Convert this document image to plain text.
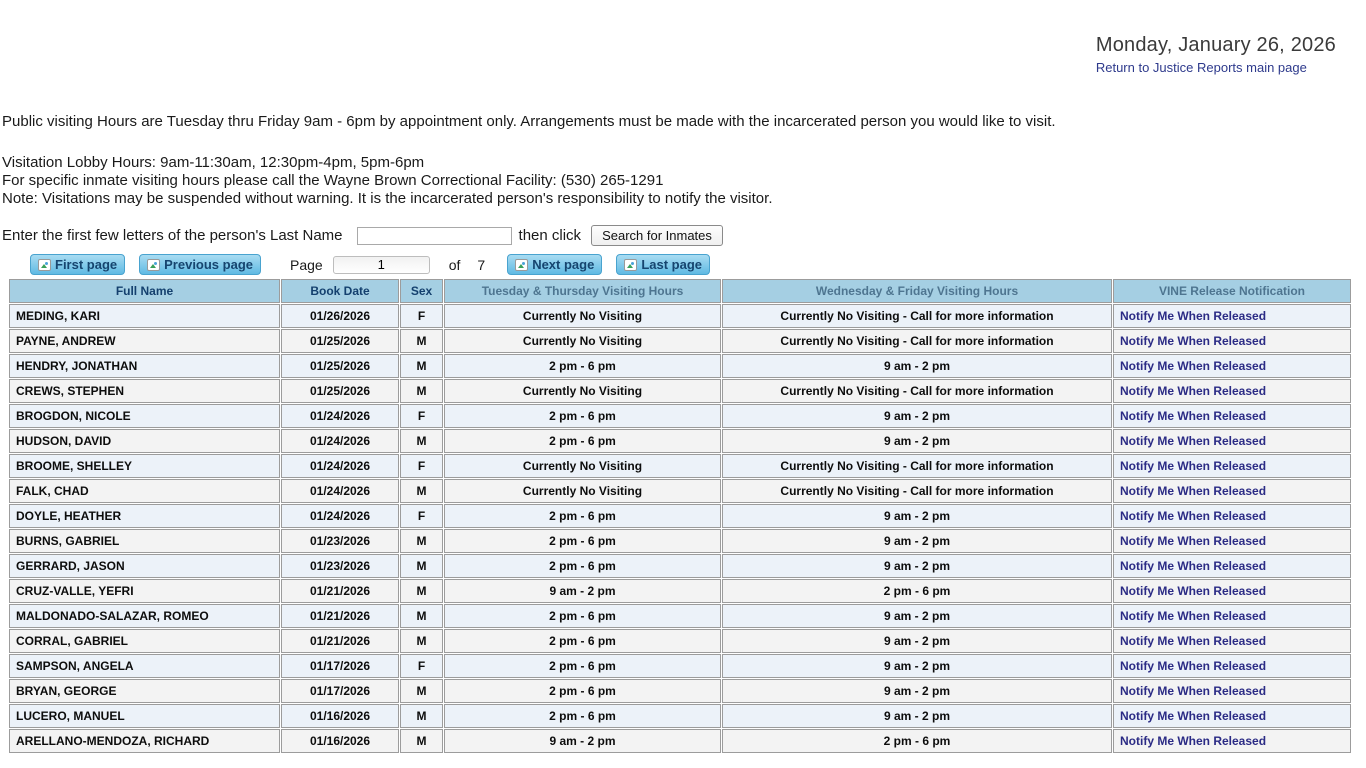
Monday, January 26, 2026
Return to Justice Reports main page
Public visiting Hours are Tuesday thru Friday 9am - 6pm by appointment only. Arrangements must be made with the incarcerated person you would like to visit.
Visitation Lobby Hours: 9am-11:30am, 12:30pm-4pm, 5pm-6pm
For specific inmate visiting hours please call the Wayne Brown Correctional Facility: (530) 265-1291
Note: Visitations may be suspended without warning. It is the incarcerated person's responsibility to notify the visitor.
Enter the first few letters of the person's Last Name	then click	Search for Inmates
First page	Previous page	Page
1	of 7	Next page	Last page
Full Name	Book Date	Sex	Tuesday & Thursday Visiting Hours	Wednesday & Friday Visiting Hours	VINE Release Notification
MEDING, KARI	01/26/2026	F	Currently No Visiting	Currently No Visiting - Call for more information	Notify Me When Released
PAYNE, ANDREW	01/25/2026	M	Currently No Visiting	Currently No Visiting - Call for more information	Notify Me When Released
HENDRY, JONATHAN	01/25/2026	M	2 pm - 6 pm	9 am - 2 pm	Notify Me When Released
CREWS, STEPHEN	01/25/2026	M	Currently No Visiting	Currently No Visiting - Call for more information	Notify Me When Released
BROGDON, NICOLE	01/24/2026	F	2 pm - 6 pm	9 am - 2 pm	Notify Me When Released
HUDSON, DAVID	01/24/2026	M	2 pm - 6 pm	9 am - 2 pm	Notify Me When Released
BROOME, SHELLEY	01/24/2026	F	Currently No Visiting	Currently No Visiting - Call for more information	Notify Me When Released
FALK, CHAD	01/24/2026	M	Currently No Visiting	Currently No Visiting - Call for more information	Notify Me When Released
DOYLE, HEATHER	01/24/2026	F	2 pm - 6 pm	9 am - 2 pm	Notify Me When Released
BURNS, GABRIEL	01/23/2026	M	2 pm - 6 pm	9 am - 2 pm	Notify Me When Released
GERRARD, JASON	01/23/2026	M	2 pm - 6 pm	9 am - 2 pm	Notify Me When Released
CRUZ-VALLE, YEFRI	01/21/2026	M	9 am - 2 pm	2 pm - 6 pm	Notify Me When Released
MALDONADO-SALAZAR, ROMEO	01/21/2026	M	2 pm - 6 pm	9 am - 2 pm	Notify Me When Released
CORRAL, GABRIEL	01/21/2026	M	2 pm - 6 pm	9 am - 2 pm	Notify Me When Released
SAMPSON, ANGELA	01/17/2026	F	2 pm - 6 pm	9 am - 2 pm	Notify Me When Released
BRYAN, GEORGE	01/17/2026	M	2 pm - 6 pm	9 am - 2 pm	Notify Me When Released
LUCERO, MANUEL	01/16/2026	M	2 pm - 6 pm	9 am - 2 pm	Notify Me When Released
ARELLANO-MENDOZA, RICHARD	01/16/2026	M	9 am - 2 pm	2 pm - 6 pm	Notify Me When Released
